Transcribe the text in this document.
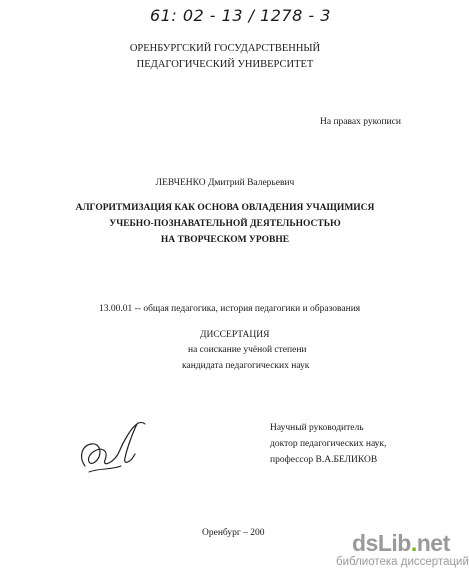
61: 02 - 13 / 1278 - 3
ОРЕНБУРГСКИЙ ГОСУДАРСТВЕННЫЙ
ПЕДАГОГИЧЕСКИЙ УНИВЕРСИТЕТ
На правах рукописи
ЛЕВЧЕНКО Дмитрий Валерьевич
АЛГОРИТМИЗАЦИЯ КАК ОСНОВА ОВЛАДЕНИЯ УЧАЩИМИСЯ
УЧЕБНО-ПОЗНАВАТЕЛЬНОЙ ДЕЯТЕЛЬНОСТЬЮ
НА ТВОРЧЕСКОМ УРОВНЕ
13.00.01 -- общая педагогика, история педагогики и образования
ДИССЕРТАЦИЯ
на соискание учёной степени
кандидата педагогических наук
Научный руководитель
доктор педагогических наук,
профессор В.А.БЕЛИКОВ
Оренбург – 200	dsLib.net
библиотека диссертаций
